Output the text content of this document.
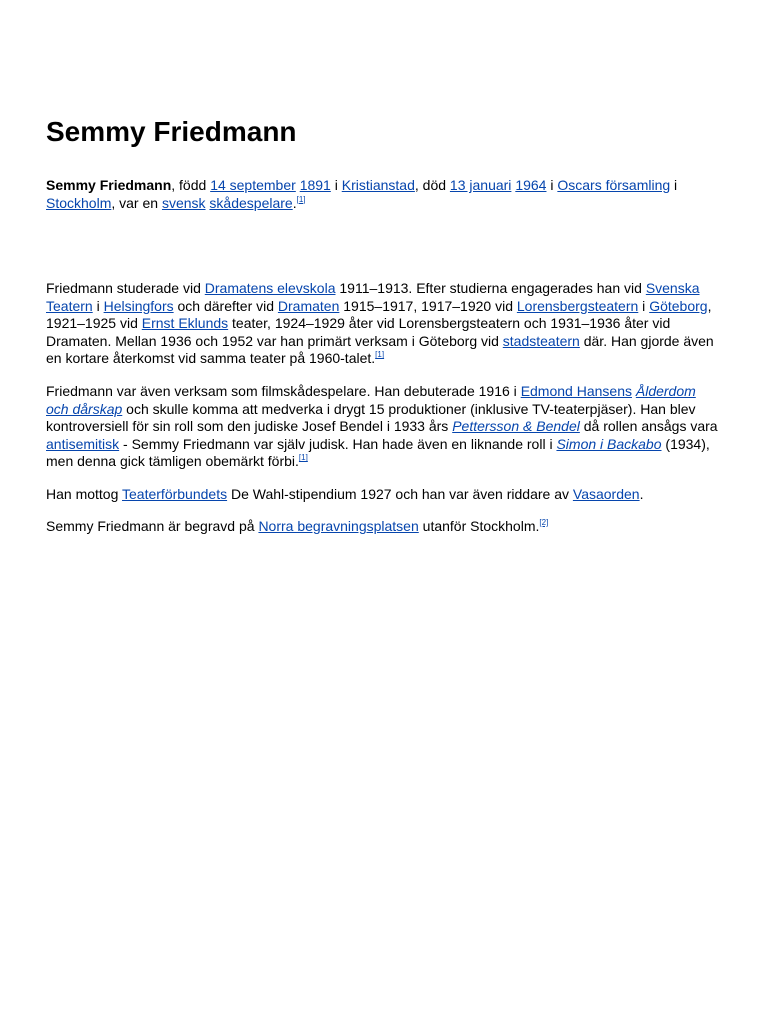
Semmy Friedmann

Semmy Friedmann, född 14 september 1891 i Kristianstad, död 13 januari 1964 i Oscars församling i Stockholm, var en svensk skådespelare.[1]

Friedmann studerade vid Dramatens elevskola 1911–1913. Efter studierna engagerades han vid Svenska Teatern i Helsingfors och därefter vid Dramaten 1915–1917, 1917–1920 vid Lorensbergsteatern i Göteborg, 1921–1925 vid Ernst Eklunds teater, 1924–1929 åter vid Lorensbergsteatern och 1931–1936 åter vid Dramaten. Mellan 1936 och 1952 var han primärt verksam i Göteborg vid stadsteatern där. Han gjorde även en kortare återkomst vid samma teater på 1960-talet.[1]

Friedmann var även verksam som filmskådespelare. Han debuterade 1916 i Edmond Hansens Ålderdom och dårskap och skulle komma att medverka i drygt 15 produktioner (inklusive TV-teaterpjäser). Han blev kontroversiell för sin roll som den judiske Josef Bendel i 1933 års Pettersson & Bendel då rollen ansågs vara antisemitisk - Semmy Friedmann var själv judisk. Han hade även en liknande roll i Simon i Backabo (1934), men denna gick tämligen obemärkt förbi.[1]

Han mottog Teaterförbundets De Wahl-stipendium 1927 och han var även riddare av Vasaorden.

Semmy Friedmann är begravd på Norra begravningsplatsen utanför Stockholm.[2]
